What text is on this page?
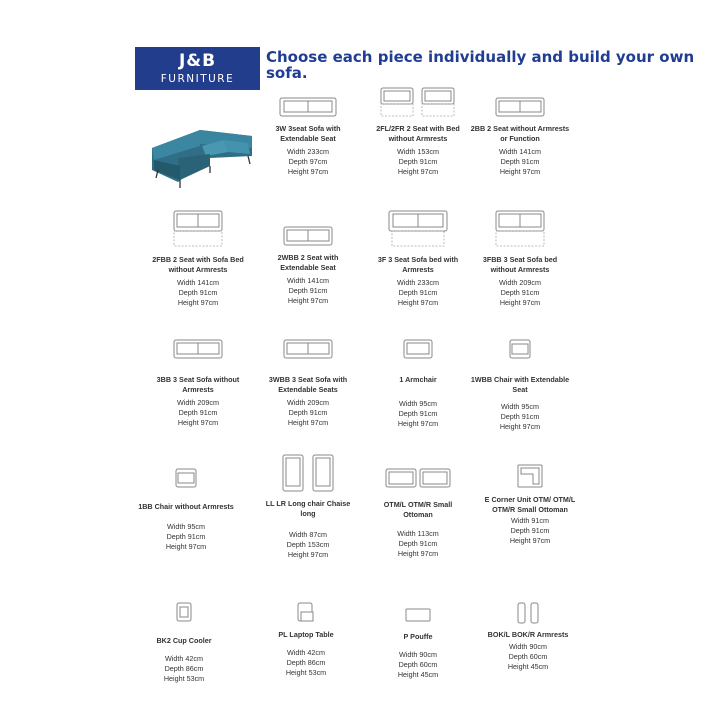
J&B
FURNITURE
Choose each piece individually and build your own sofa.
3W 3seat Sofa with Extendable Seat
Width 233cm
Depth 97cm
Height 97cm
2FL/2FR 2 Seat with Bed without Armrests
Width 153cm
Depth 91cm
Height 97cm
2BB 2 Seat without Armrests or Function
Width 141cm
Depth 91cm
Height 97cm
2FBB 2 Seat with Sofa Bed without Armrests
Width 141cm
Depth 91cm
Height 97cm
2WBB 2 Seat with Extendable Seat
Width 141cm
Depth 91cm
Height 97cm
3F 3 Seat Sofa bed with Armrests
Width 233cm
Depth 91cm
Height 97cm
3FBB 3 Seat Sofa bed without Armrests
Width 209cm
Depth 91cm
Height 97cm
3BB 3 Seat Sofa without Armrests
Width 209cm
Depth 91cm
Height 97cm
3WBB 3 Seat Sofa with Extendable Seats
Width 209cm
Depth 91cm
Height 97cm
1 Armchair
Width 95cm
Depth 91cm
Height 97cm
1WBB Chair with Extendable Seat
Width 95cm
Depth 91cm
Height 97cm
1BB Chair without Armrests
Width 95cm
Depth 91cm
Height 97cm
LL LR Long chair Chaise long
Width 87cm
Depth 153cm
Height 97cm
OTM/L OTM/R Small Ottoman
Width 113cm
Depth 91cm
Height 97cm
E Corner Unit OTM/ OTM/L OTM/R Small Ottoman
Width 91cm
Depth 91cm
Height 97cm
BK2 Cup Cooler
Width 42cm
Depth 86cm
Height 53cm
PL Laptop Table
Width 42cm
Depth 86cm
Height 53cm
P Pouffe
Width 90cm
Depth 60cm
Height 45cm
BOK/L BOK/R Armrests
Width 90cm
Depth 60cm
Height 45cm
